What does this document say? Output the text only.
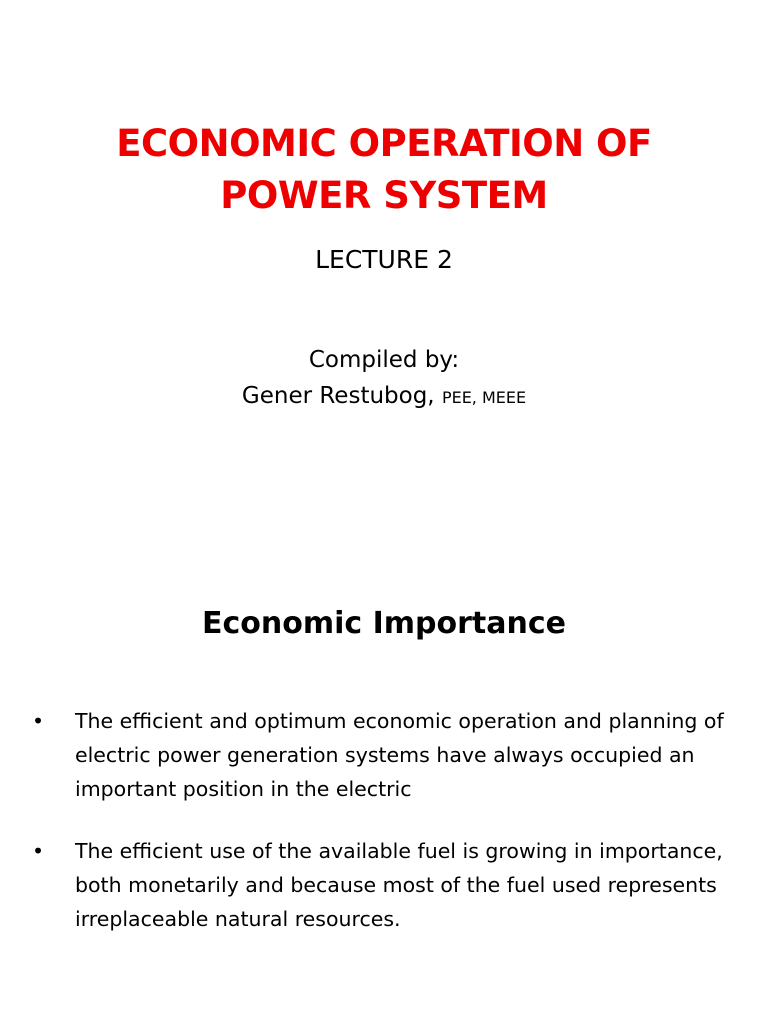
ECONOMIC OPERATION OF
POWER SYSTEM

LECTURE 2

Compiled by:
Gener Restubog, PEE, MEEE

Economic Importance
• The efficient and optimum economic operation and planning of electric power generation systems have always occupied an important position in the electric
• The efficient use of the available fuel is growing in importance, both monetarily and because most of the fuel used represents irreplaceable natural resources.
